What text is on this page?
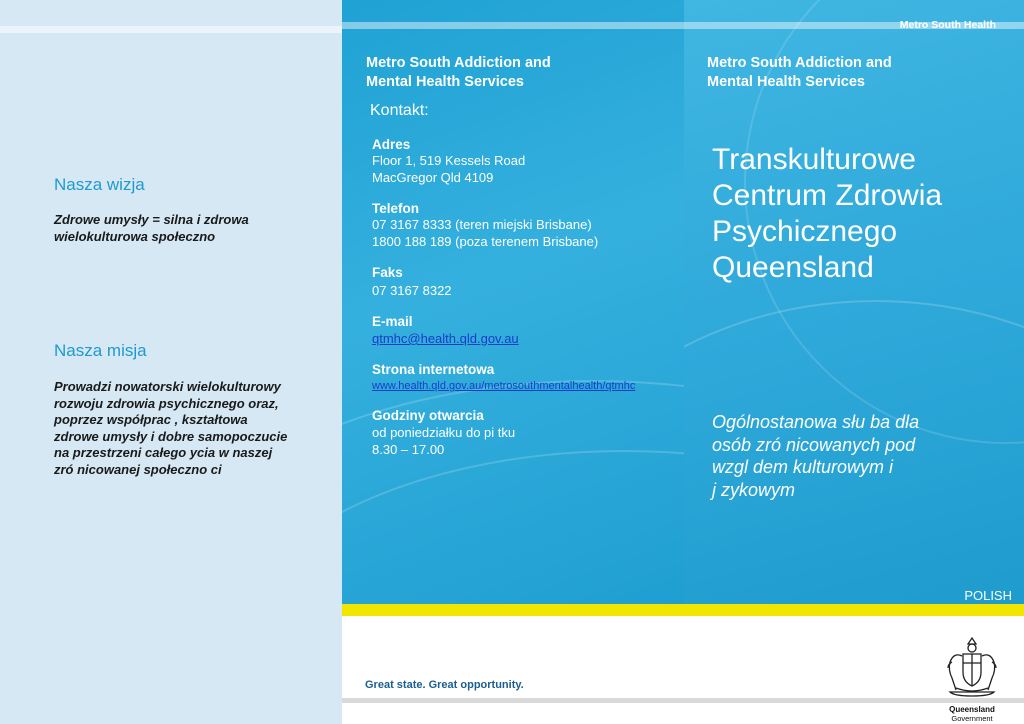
Nasza wizja
Zdrowe umysły = silna i zdrowa
wielokulturowa społeczno
Nasza misja
Prowadzi nowatorski wielokulturowy
rozwoju zdrowia psychicznego oraz,
poprzez współprac , kształtowa
zdrowe umysły i dobre samopoczucie
na przestrzeni całego ycia w naszej
zró nicowanej społeczno ci
Metro South Addiction and
Mental Health Services
Kontakt:
Adres
Floor 1, 519 Kessels Road
MacGregor Qld 4109
Telefon
07 3167 8333 (teren miejski Brisbane)
1800 188 189 (poza terenem Brisbane)
Faks
07 3167 8322
E-mail
qtmhc@health.qld.gov.au
Strona internetowa
www.health.qld.gov.au/metrosouthmentalhealth/qtmhc
Godziny otwarcia
od poniedziałku do pi tku
8.30 – 17.00
Metro South Health
Metro South Addiction and
Mental Health Services
Transkulturowe
Centrum Zdrowia
Psychicznego
Queensland
Ogólnostanowa słu ba dla
osób zró nicowanych pod
wzgl dem kulturowym i
j zykowym
POLISH
Great state. Great opportunity.
Queensland
Government
